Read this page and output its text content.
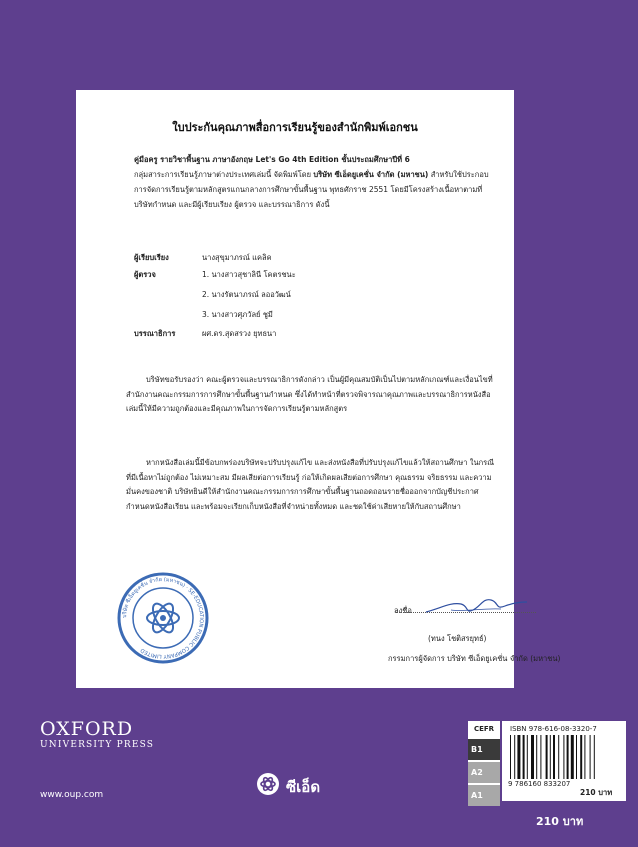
ใบประกันคุณภาพสื่อการเรียนรู้ของสำนักพิมพ์เอกชน
คู่มือครู รายวิชาพื้นฐาน ภาษาอังกฤษ Let's Go 4th Edition ชั้นประถมศึกษาปีที่ 6
กลุ่มสาระการเรียนรู้ภาษาต่างประเทศเล่มนี้ จัดพิมพ์โดย บริษัท ซีเอ็ดยูเคชั่น จำกัด (มหาชน) สำหรับใช้ประกอบการจัดการเรียนรู้ตามหลักสูตรแกนกลางการศึกษาขั้นพื้นฐาน พุทธศักราช 2551 โดยมีโครงสร้างเนื้อหาตามที่บริษัทกำหนด และมีผู้เรียบเรียง ผู้ตรวจ และบรรณาธิการ ดังนี้
ผู้เรียบเรียง	นางสุขุมาภรณ์ แคลิค
ผู้ตรวจ	1. นางสาวสุชาลินี โคตรชนะ
2. นางรัตนาภรณ์ ลออวัฒน์
3. นางสาวศุภวัลย์ ชูมี
บรรณาธิการ	ผศ.ดร.สุดสรวง ยุทธนา
บริษัทขอรับรองว่า คณะผู้ตรวจและบรรณาธิการดังกล่าว เป็นผู้มีคุณสมบัติเป็นไปตามหลักเกณฑ์และเงื่อนไขที่สำนักงานคณะกรรมการการศึกษาขั้นพื้นฐานกำหนด ซึ่งได้ทำหน้าที่ตรวจพิจารณาคุณภาพและบรรณาธิการหนังสือเล่มนี้ให้มีความถูกต้องและมีคุณภาพในการจัดการเรียนรู้ตามหลักสูตร
หากหนังสือเล่มนี้มีข้อบกพร่องบริษัทจะปรับปรุงแก้ไข และส่งหนังสือที่ปรับปรุงแก้ไขแล้วให้สถานศึกษา ในกรณีที่มีเนื้อหาไม่ถูกต้อง ไม่เหมาะสม มีผลเสียต่อการเรียนรู้ ก่อให้เกิดผลเสียต่อการศึกษา คุณธรรม จริยธรรม และความมั่นคงของชาติ บริษัทยินดีให้สำนักงานคณะกรรมการการศึกษาขั้นพื้นฐานถอดถอนรายชื่อออกจากบัญชีประกาศกำหนดหนังสือเรียน และพร้อมจะเรียกเก็บหนังสือที่จำหน่ายทั้งหมด และชดใช้ค่าเสียหายให้กับสถานศึกษา
บริษัท ซีเอ็ดยูเคชั่น จำกัด (มหาชน) · SE-EDUCATION PUBLIC COMPANY LIMITED
ลงชื่อ
(ทนง โชติสรยุทธ์)
กรรมการผู้จัดการ บริษัท ซีเอ็ดยูเคชั่น จำกัด (มหาชน)
OXFORD
UNIVERSITY PRESS
www.oup.com	ซีเอ็ด
CEFR
B1
A2
A1
ISBN 978-616-08-3320-7
9 786160 833207
210 บาท
210 บาท
